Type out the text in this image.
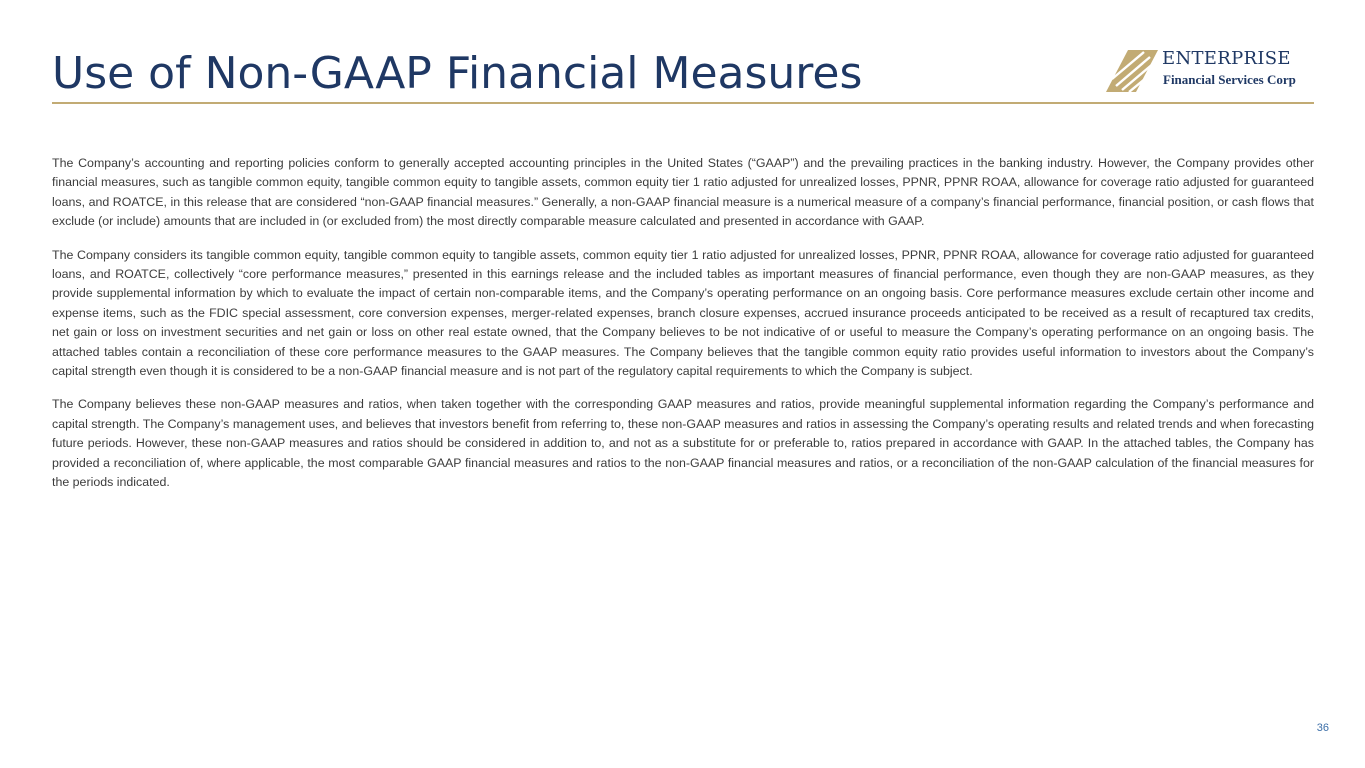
Use of Non-GAAP Financial Measures	ENTERPRISE
Financial Services Corp

The Company’s accounting and reporting policies conform to generally accepted accounting principles in the United States (“GAAP”) and the prevailing practices in the banking industry. However, the Company provides other financial measures, such as tangible common equity, tangible common equity to tangible assets, common equity tier 1 ratio adjusted for unrealized losses, PPNR, PPNR ROAA, allowance for coverage ratio adjusted for guaranteed loans, and ROATCE, in this release that are considered “non-GAAP financial measures.” Generally, a non-GAAP financial measure is a numerical measure of a company’s financial performance, financial position, or cash flows that exclude (or include) amounts that are included in (or excluded from) the most directly comparable measure calculated and presented in accordance with GAAP.

The Company considers its tangible common equity, tangible common equity to tangible assets, common equity tier 1 ratio adjusted for unrealized losses, PPNR, PPNR ROAA, allowance for coverage ratio adjusted for guaranteed loans, and ROATCE, collectively “core performance measures,” presented in this earnings release and the included tables as important measures of financial performance, even though they are non-GAAP measures, as they provide supplemental information by which to evaluate the impact of certain non-comparable items, and the Company’s operating performance on an ongoing basis. Core performance measures exclude certain other income and expense items, such as the FDIC special assessment, core conversion expenses, merger-related expenses, branch closure expenses, accrued insurance proceeds anticipated to be received as a result of recaptured tax credits, net gain or loss on investment securities and net gain or loss on other real estate owned, that the Company believes to be not indicative of or useful to measure the Company’s operating performance on an ongoing basis. The attached tables contain a reconciliation of these core performance measures to the GAAP measures. The Company believes that the tangible common equity ratio provides useful information to investors about the Company’s capital strength even though it is considered to be a non-GAAP financial measure and is not part of the regulatory capital requirements to which the Company is subject.

The Company believes these non-GAAP measures and ratios, when taken together with the corresponding GAAP measures and ratios, provide meaningful supplemental information regarding the Company’s performance and capital strength. The Company’s management uses, and believes that investors benefit from referring to, these non-GAAP measures and ratios in assessing the Company’s operating results and related trends and when forecasting future periods. However, these non-GAAP measures and ratios should be considered in addition to, and not as a substitute for or preferable to, ratios prepared in accordance with GAAP. In the attached tables, the Company has provided a reconciliation of, where applicable, the most comparable GAAP financial measures and ratios to the non-GAAP financial measures and ratios, or a reconciliation of the non-GAAP calculation of the financial measures for the periods indicated.

36
